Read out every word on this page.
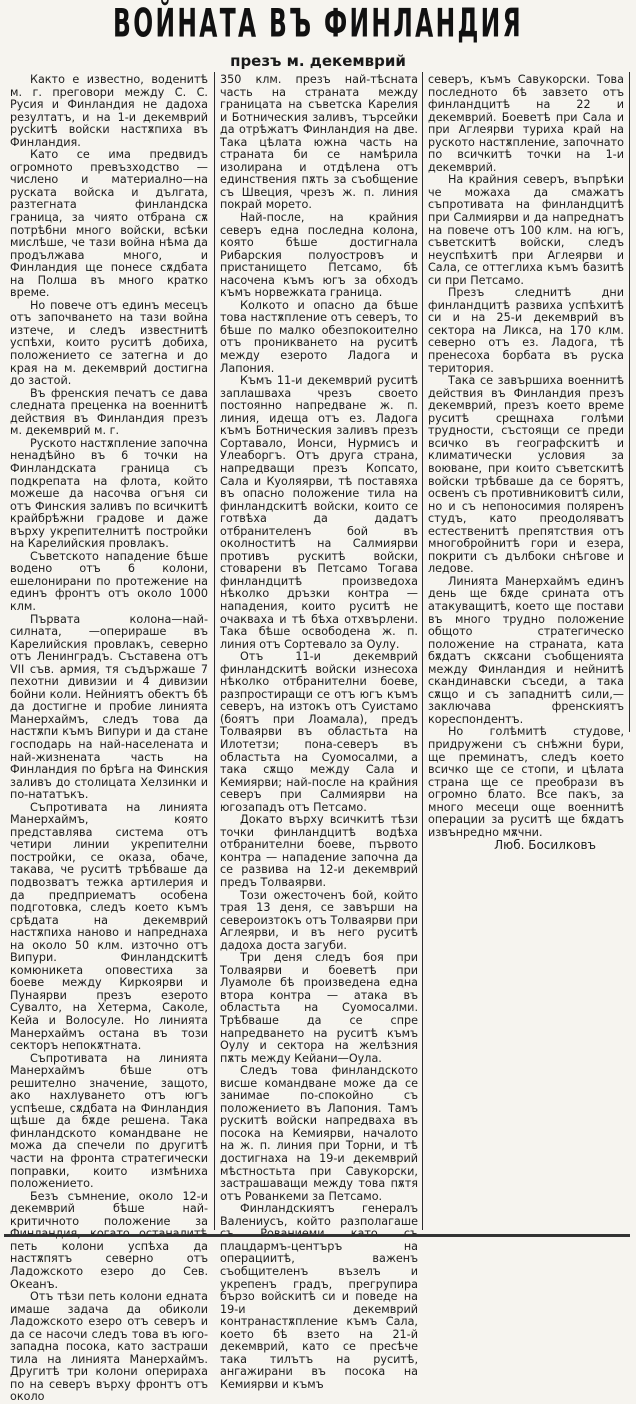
ВОЙНАТА ВЪ ФИНЛАНДИЯ
презъ м. декемврий

Както е известно, воденитѣ м. г. преговори между С. С. Русия и Финландия не дадоха резултатъ, и на 1-и декемврий русkитѣ войски настѫпиха въ Финландия.

Като се има предвидъ огромното превъзходство — числено и материално—на руската войска и дългата, разтегната финландска граница, за чиято отбрана сѫ потрѣбни много войски, всѣки мислѣше, че тази война нѣма да продължава много, и Финландия ще понесе сѫдбата на Полша въ много кратко време.

Но повече отъ единъ месецъ отъ започването на тази война изтече, и следъ известнитѣ успѣхи, които руситѣ добиха, положението се затегна и до края на м. декемврий достигна до застой.

Въ френския печатъ се дава следната преценка на военнитѣ действия въ Финландия презъ м. декемврий м. г.

Руското настѫпление започна ненадѣйно въ 6 точки на Финландската граница съ подкрепата на флота, който можеше да насочва огъня си отъ Финския заливъ по всичкитѣ крайбрѣжни градове и даже върху укрепителнитѣ постройки на Карелийския провлакъ.

Съветското нападение бѣше водено отъ 6 колони, ешелонирани по протежение на единъ фронтъ отъ около 1000 клм.

Първата колона—най-силната, —оперираше въ Карелийския провлакъ, северно отъ Ленинградъ. Съставена отъ VII съв. армия, тя съдържаше 7 пехотни дивизии и 4 дивизии бойни коли. Нейниятъ обектъ бѣ да достигне и пробие линията Манерхаймъ, следъ това да настѫпи къмъ Випури и да стане господарь на най-населената и най-жизнената часть на Финландия по брѣга на Финския заливъ до столицата Хелзинки и по-нататъкъ.

Съпротивата на линията Манерхаймъ, която представлява система отъ четири линии укрепителни постройки, се оказа, обаче, такава, че руситѣ трѣбваше да подвозватъ тежка артилерия и да предприематъ особена подготовка, следъ което къмъ срѣдата на декемврий настѫпиха наново и напреднаха на около 50 клм. източно отъ Випури. Финландскитѣ комюникета оповестиха за боеве между Киркоярви и Пунаярви презъ езерото Сувалто, на Хетерма, Саколе, Кейа и Волосуле. Но линията Манерхаймъ остана въ този секторъ непокѫтната.

Съпротивата на линията Манерхаймъ бѣше отъ решително значение, защото, ако нахлуването отъ югъ успѣеше, сѫдбата на Финландия щѣше да бѫде решена. Така финландското командване не можа да спечели по другитѣ части на фронта стратегически поправки, които измѣниха положението.

Безъ съмнение, около 12-и декемврий бѣше най-критичното положение за петь колони успѣха да настѫпятъ северно отъ Ладожското езеро до Сев. Океанъ.

Отъ тѣзи петь колони едната имаше задача да обиколи Ладожското езеро отъ северъ и да се насочи следъ това въ юго-западна посока, като застраши тила на линията Манерхаймъ. Другитѣ три колони оперираха по на северъ върху фронтъ отъ около

350 клм. презъ най-тѣсната часть на страната между границата на съветска Карелия и Ботническия заливъ, търсейки да отрѣжатъ Финландия на две. Така цѣлата южна часть на страната би се намѣрила изолирана и отдѣлена отъ единствения пѫть за съобщение съ Швеция, чрезъ ж. п. линия покрай морето.

Най-после, на крайния северъ една последна колона, която бѣше достигнала Рибарския полуостровъ и пристанището Петсамо, бѣ насочена къмъ югъ за обходъ къмъ норвежката граница.

Колкото и опасно да бѣше това настѫпление отъ северъ, то бѣше по малко обезпокоително отъ проникването на руситѣ между езерото Ладога и Лапония.

Къмъ 11-и декемврий руситѣ заплашваха чрезъ своето постоянно напредване ж. п. линия, идеща отъ ез. Ладога къмъ Ботническия заливъ презъ Сортавало, Ионси, Нурмисъ и Улеаборгъ. Отъ друга страна, напредващи презъ Копсато, Сала и Куоляярви, тѣ поставяха въ опасно положение тила на финландскитѣ войски, които се готвѣха да дадатъ отбранителенъ бой въ околноститѣ на Салмиярви противъ рускитѣ войски, стоварени въ Петсамо Тогава финландцитѣ произведоха нѣколко дръзки контра — нападения, които руситѣ не очакваха и тѣ бѣха отхвърлени. Така бѣше освободена ж. п. линия отъ Сортевало за Оулу.

Отъ 11-и декемврий финландскитѣ войски изнесоха нѣколко отбранителни боеве, разпростиращи се отъ югъ къмъ северъ, на изтокъ отъ Суистамо (боятъ при Лоамала), предъ Толваярви въ областьта на Илотетзи; пона-северъ въ областьта на Суомосалми, а така сѫщо между Сала и Кемиярви; най-после на крайния северъ при Салмиярви на югозападъ отъ Петсамо.

Докато върху всичкитѣ тѣзи точки финландцитѣ водѣха отбранителни боеве, първото контра — нападение започна да се развива на 12-и декемврий предъ Толваярви.

Този ожесточенъ бой, който трая 13 деня, се завърши на североизтокъ отъ Толваярви при Аглеярви, и въ него руситѣ дадоха доста загуби.

Три деня следъ боя при Толваярви и боеветѣ при Луамоле бѣ произведена една втора контра — атака въ областьта на Суомосалми. Трѣбваше да се спре напредването на руситѣ къмъ Оулу и сектора на желѣзния пѫть между Кейани—Оула.

Следъ това финландското висше командване може да се занимае по-спокойно съ положението въ Лапония. Тамъ рускитѣ войски напредваха въ посока на Кемиярви, началото на ж. п. линия при Торни, и тѣ достигнаха на 19-и декемврий мѣстностьта при Савукорски, застрашаващи между това пѫтя отъ Рованкеми за Петсамо.

Финландскиятъ генералъ Валениусъ, който разполагаше плацдармъ-центъръ на операциитѣ, важенъ съобщителенъ възелъ и укрепенъ градъ, прегрупира бързо войскитѣ си и поведе на 19-и декемврий контранастѫпление къмъ Сала, което бѣ взето на 21-й декемврий, като се пресѣче така тилътъ на руситѣ, ангажирани въ посока на Кемиярви и къмъ

северъ, къмъ Савукорски. Това последното бѣ завзето отъ финландцитѣ на 22 и декемврий. Боеветѣ при Сала и при Аглеярви туриха край на руското настѫпление, започнато по всичкитѣ точки на 1-и декемврий.

На крайния северъ, въпрѣки че можаха да смажатъ съпротивата на финландцитѣ при Салмиярви и да напреднатъ на повече отъ 100 клм. на югъ, съветскитѣ войски, следъ неуспѣхитѣ при Аглеярви и Сала, се оттеглиха къмъ базитѣ си при Петсамо.

Презъ следнитѣ дни финландцитѣ развиха успѣхитѣ си и на 25-и декемврий въ сектора на Ликса, на 170 клм. северно отъ ез. Ладога, тѣ пренесоха борбата въ руска територия.

Така се завършиха военнитѣ действия въ Финландия презъ декемврий, презъ което време руситѣ срещнаха голѣми трудности, състоящи се преди всичко въ географскитѣ и климатически условия за воюване, при които съветскитѣ войски трѣбваше да се борятъ, освенъ съ противниковитѣ сили, но и съ непоносимия поляренъ студъ, като преодоляватъ естественитѣ препятствия отъ многобройнитѣ гори и езера, покрити съ дълбоки снѣгове и ледове.

Линията Манерхаймъ единъ день ще бѫде срината отъ атакуващитѣ, което ще постави въ много трудно положение общото стратегическо положение на страната, ката бѫдатъ скѫсани съобщенията между Финландия и нейнитѣ скандинавски съседи, а така сѫщо и съ западнитѣ сили,— заключава френскиятъ кореспондентъ.

Но голѣмитѣ студове, придружени съ снѣжни бури, ще преминатъ, следъ което всичко ще се стопи, и цѣлата страна ще се преобрази въ огромно блато. Все пакъ, за много месеци още военнитѣ операции за руситѣ ще бѫдатъ извънредно мѫчни.

Люб. Босилковъ
